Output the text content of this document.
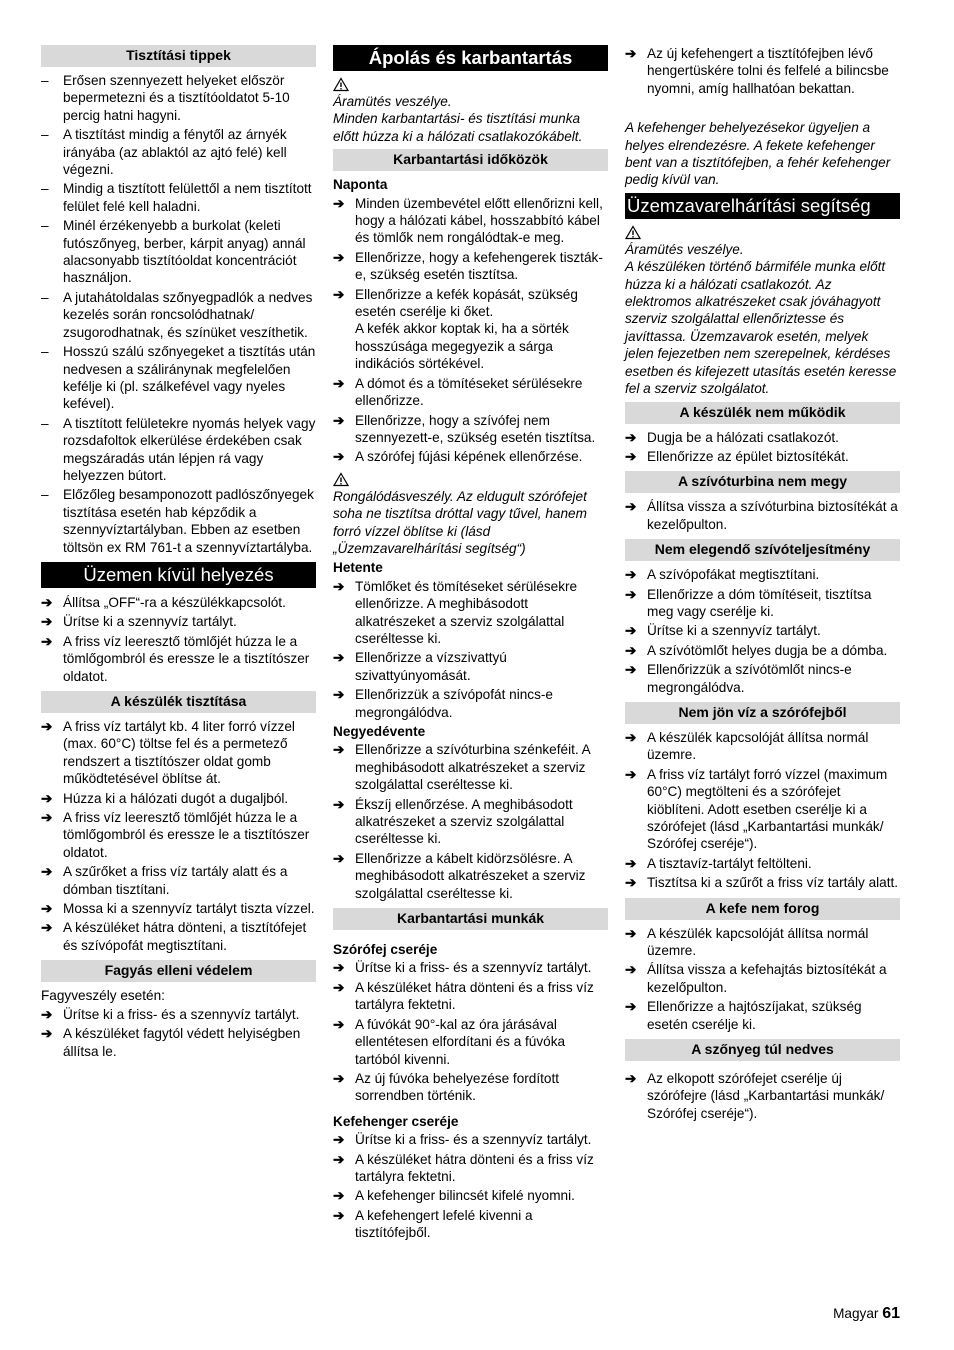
Tisztítási tippek
– Erősen szennyezett helyeket először bepermetezni és a tisztítóoldatot 5-10 percig hatni hagyni.
– A tisztítást mindig a fénytől az árnyék irányába (az ablaktól az ajtó felé) kell végezni.
– Mindig a tisztított felülettől a nem tisztított felület felé kell haladni.
– Minél érzékenyebb a burkolat (keleti futószőnyeg, berber, kárpit anyag) annál alacsonyabb tisztítóoldat koncentrációt használjon.
– A jutahátoldalas szőnyegpadlók a nedves kezelés során roncsolódhatnak/ zsugorodhatnak, és színüket veszíthetik.
– Hosszú szálú szőnyegeket a tisztítás után nedvesen a száliránynak megfelelően kefélje ki (pl. szálkefével vagy nyeles kefével).
– A tisztított felületekre nyomás helyek vagy rozsdafoltok elkerülése érdekében csak megszáradás után lépjen rá vagy helyezzen bútort.
– Előzőleg besamponozott padlószőnyegek tisztítása esetén hab képződik a szennyvíztartályban. Ebben az esetben töltsön ex RM 761-t a szennyvíztartályba.
Üzemen kívül helyezés
➔ Állítsa „OFF“-ra a készülékkapcsolót.
➔ Ürítse ki a szennyvíz tartályt.
➔ A friss víz leeresztő tömlőjét húzza le a tömlőgombról és eressze le a tisztítószer oldatot.
A készülék tisztítása
➔ A friss víz tartályt kb. 4 liter forró vízzel (max. 60°C) töltse fel és a permetező rendszert a tisztítószer oldat gomb működtetésével öblítse át.
➔ Húzza ki a hálózati dugót a dugaljból.
➔ A friss víz leeresztő tömlőjét húzza le a tömlőgombról és eressze le a tisztítószer oldatot.
➔ A szűrőket a friss víz tartály alatt és a dómban tisztítani.
➔ Mossa ki a szennyvíz tartályt tiszta vízzel.
➔ A készüléket hátra dönteni, a tisztítófejet és szívópofát megtisztítani.
Fagyás elleni védelem
Fagyveszély esetén:
➔ Ürítse ki a friss- és a szennyvíz tartályt.
➔ A készüléket fagytól védett helyiségben állítsa le.
Ápolás és karbantartás
Áramütés veszélye.
Minden karbantartási- és tisztítási munka előtt húzza ki a hálózati csatlakozókábelt.
Karbantartási időközök
Naponta
➔ Minden üzembevétel előtt ellenőrizni kell, hogy a hálózati kábel, hosszabbító kábel és tömlők nem rongálódtak-e meg.
➔ Ellenőrizze, hogy a kefehengerek tiszták-e, szükség esetén tisztítsa.
➔ Ellenőrizze a kefék kopását, szükség esetén cserélje ki őket.
A kefék akkor koptak ki, ha a sörték hosszúsága megegyezik a sárga indikációs sörtékével.
➔ A dómot és a tömítéseket sérülésekre ellenőrizze.
➔ Ellenőrizze, hogy a szívófej nem szennyezett-e, szükség esetén tisztítsa.
➔ A szórófej fújási képének ellenőrzése.
Rongálódásveszély. Az eldugult szórófejet soha ne tisztítsa dróttal vagy tűvel, hanem forró vízzel öblítse ki (lásd „Üzemzavarelhárítási segítség“)
Hetente
➔ Tömlőket és tömítéseket sérülésekre ellenőrizze. A meghibásodott alkatrészeket a szerviz szolgálattal cseréltesse ki.
➔ Ellenőrizze a vízszivattyú szivattyúnyomását.
➔ Ellenőrizzük a szívópofát nincs-e megrongálódva.
Negyedévente
➔ Ellenőrizze a szívóturbina szénkeféit. A meghibásodott alkatrészeket a szerviz szolgálattal cseréltesse ki.
➔ Ékszíj ellenőrzése. A meghibásodott alkatrészeket a szerviz szolgálattal cseréltesse ki.
➔ Ellenőrizze a kábelt kidörzsölésre. A meghibásodott alkatrészeket a szerviz szolgálattal cseréltesse ki.
Karbantartási munkák
Szórófej cseréje
➔ Ürítse ki a friss- és a szennyvíz tartályt.
➔ A készüléket hátra dönteni és a friss víz tartályra fektetni.
➔ A fúvókát 90°-kal az óra járásával ellentétesen elfordítani és a fúvóka tartóból kivenni.
➔ Az új fúvóka behelyezése fordított sorrendben történik.
Kefehenger cseréje
➔ Ürítse ki a friss- és a szennyvíz tartályt.
➔ A készüléket hátra dönteni és a friss víz tartályra fektetni.
➔ A kefehenger bilincsét kifelé nyomni.
➔ A kefehengert lefelé kivenni a tisztítófejből.
➔ Az új kefehengert a tisztítófejben lévő hengertüskére tolni és felfelé a bilincsbe nyomni, amíg hallhatóan bekattan.
A kefehenger behelyezésekor ügyeljen a helyes elrendezésre. A fekete kefehenger bent van a tisztítófejben, a fehér kefehenger pedig kívül van.
Üzemzavarelhárítási segítség
Áramütés veszélye.
A készüléken történő bármiféle munka előtt húzza ki a hálózati csatlakozót. Az elektromos alkatrészeket csak jóváhagyott szerviz szolgálattal ellenőriztesse és javíttassa. Üzemzavarok esetén, melyek jelen fejezetben nem szerepelnek, kérdéses esetben és kifejezett utasítás esetén keresse fel a szerviz szolgálatot.
A készülék nem működik
➔ Dugja be a hálózati csatlakozót.
➔ Ellenőrizze az épület biztosítékát.
A szívóturbina nem megy
➔ Állítsa vissza a szívóturbina biztosítékát a kezelőpulton.
Nem elegendő szívóteljesítmény
➔ A szívópofákat megtisztítani.
➔ Ellenőrizze a dóm tömítéseit, tisztítsa meg vagy cserélje ki.
➔ Ürítse ki a szennyvíz tartályt.
➔ A szívótömlőt helyes dugja be a dómba.
➔ Ellenőrizzük a szívótömlőt nincs-e megrongálódva.
Nem jön víz a szórófejből
➔ A készülék kapcsolóját állítsa normál üzemre.
➔ A friss víz tartályt forró vízzel (maximum 60°C) megtölteni és a szórófejet kiöblíteni. Adott esetben cserélje ki a szórófejet (lásd „Karbantartási munkák/ Szórófej cseréje“).
➔ A tisztavíz-tartályt feltölteni.
➔ Tisztítsa ki a szűrőt a friss víz tartály alatt.
A kefe nem forog
➔ A készülék kapcsolóját állítsa normál üzemre.
➔ Állítsa vissza a kefehajtás biztosítékát a kezelőpulton.
➔ Ellenőrizze a hajtószíjakat, szükség esetén cserélje ki.
A szőnyeg túl nedves
➔ Az elkopott szórófejet cserélje új szórófejre (lásd „Karbantartási munkák/ Szórófej cseréje“).
Magyar 61
